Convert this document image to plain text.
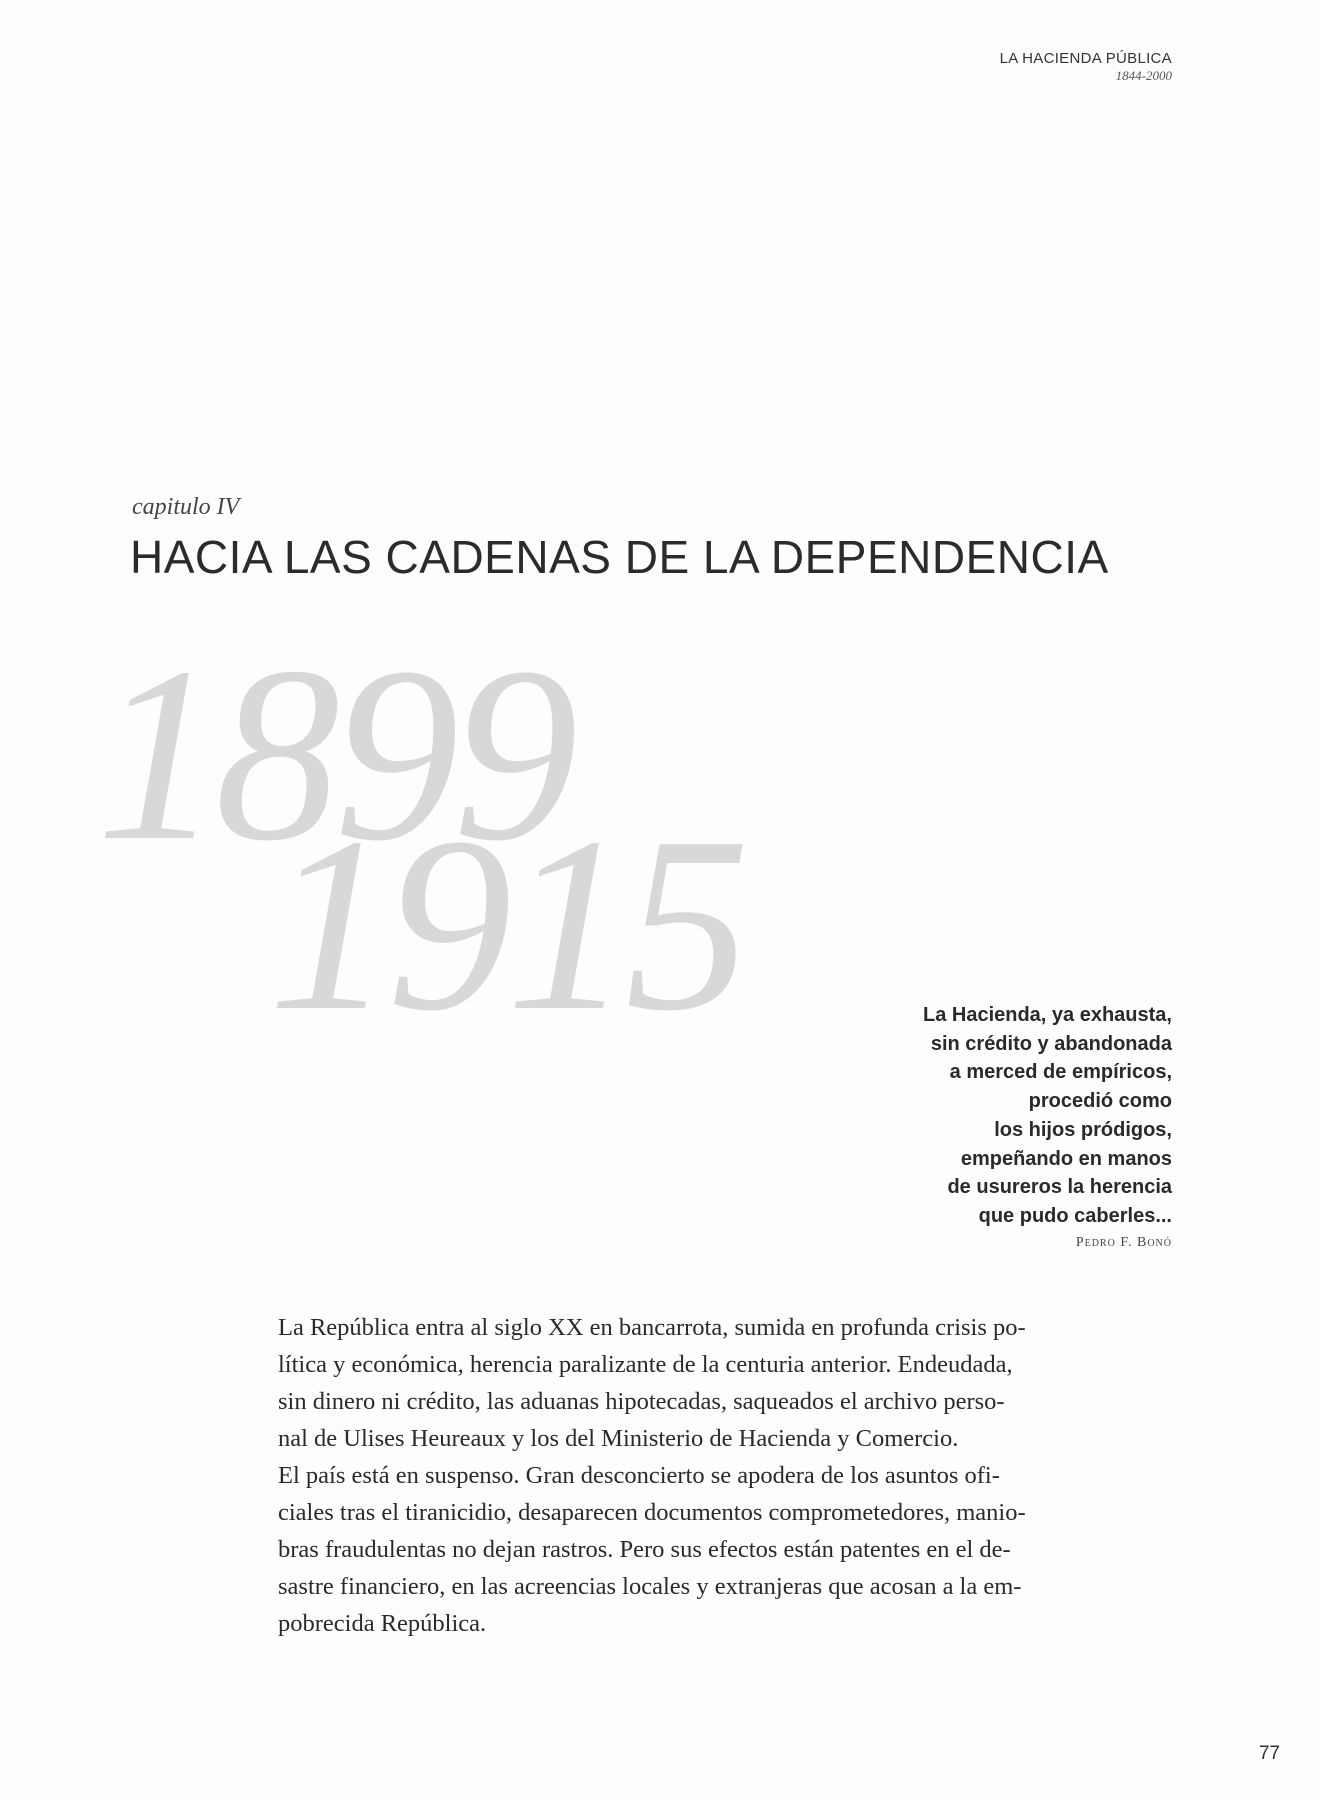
LA HACIENDA PÚBLICA
1844-2000
capitulo IV
HACIA LAS CADENAS DE LA DEPENDENCIA
1899
1915	La Hacienda, ya exhausta,
sin crédito y abandonada
a merced de empíricos,
procedió como
los hijos pródigos,
empeñando en manos
de usureros la herencia
que pudo caberles...
Pedro F. Bonó
La República entra al siglo XX en bancarrota, sumida en profunda crisis po-
lítica y económica, herencia paralizante de la centuria anterior. Endeudada,
sin dinero ni crédito, las aduanas hipotecadas, saqueados el archivo perso-
nal de Ulises Heureaux y los del Ministerio de Hacienda y Comercio.
El país está en suspenso. Gran desconcierto se apodera de los asuntos ofi-
ciales tras el tiranicidio, desaparecen documentos comprometedores, manio-
bras fraudulentas no dejan rastros. Pero sus efectos están patentes en el de-
sastre financiero, en las acreencias locales y extranjeras que acosan a la em-
pobrecida República.
77
